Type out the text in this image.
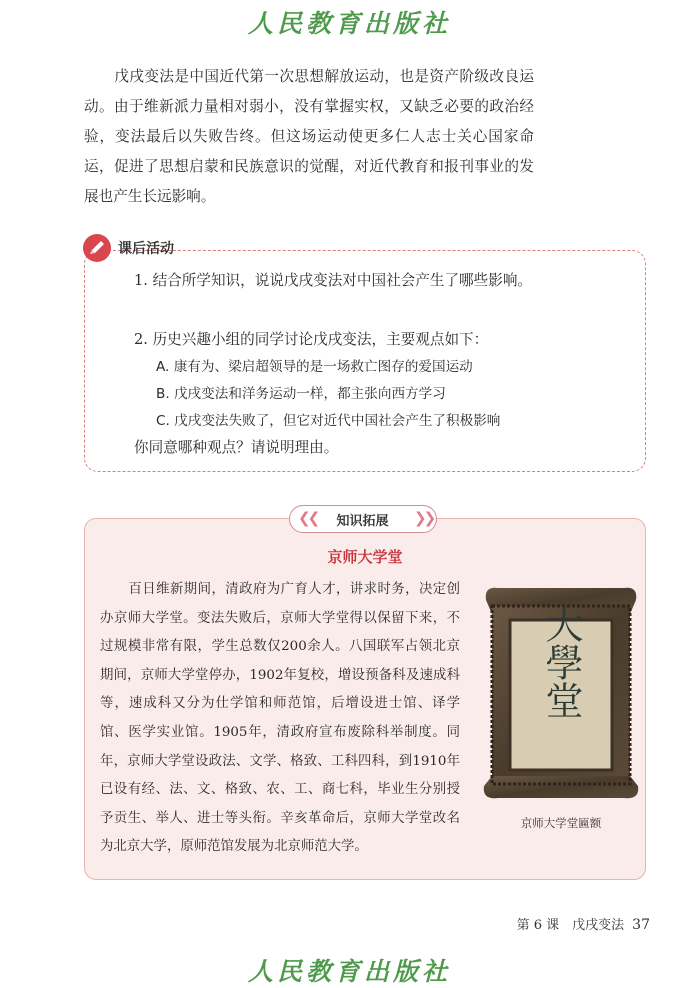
人民教育出版社

戊戌变法是中国近代第一次思想解放运动，也是资产阶级改良运动。由于维新派力量相对弱小，没有掌握实权，又缺乏必要的政治经验，变法最后以失败告终。但这场运动使更多仁人志士关心国家命运，促进了思想启蒙和民族意识的觉醒，对近代教育和报刊事业的发展也产生长远影响。

课后活动

1. 结合所学知识，说说戊戌变法对中国社会产生了哪些影响。

2. 历史兴趣小组的同学讨论戊戌变法，主要观点如下：

A. 康有为、梁启超领导的是一场救亡图存的爱国运动

B. 戊戌变法和洋务运动一样，都主张向西方学习

C. 戊戌变法失败了，但它对近代中国社会产生了积极影响

你同意哪种观点？请说明理由。

❮❮	知识拓展	❯❯
京师大学堂

百日维新期间，清政府为广育人才，讲求时务，决定创办京师大学堂。变法失败后，京师大学堂得以保留下来，不过规模非常有限，学生总数仅200余人。八国联军占领北京期间，京师大学堂停办，1902年复校，增设预备科及速成科等，速成科又分为仕学馆和师范馆，后增设进士馆、译学馆、医学实业馆。1905年，清政府宣布废除科举制度。同年，京师大学堂设政法、文学、格致、工科四科，到1910年已设有经、法、文、格致、农、工、商七科，毕业生分别授予贡生、举人、进士等头衔。辛亥革命后，京师大学堂改名为北京大学，原师范馆发展为北京师范大学。

大學堂
京师大学堂匾额
第 6 课　戊戌变法 37
人民教育出版社
